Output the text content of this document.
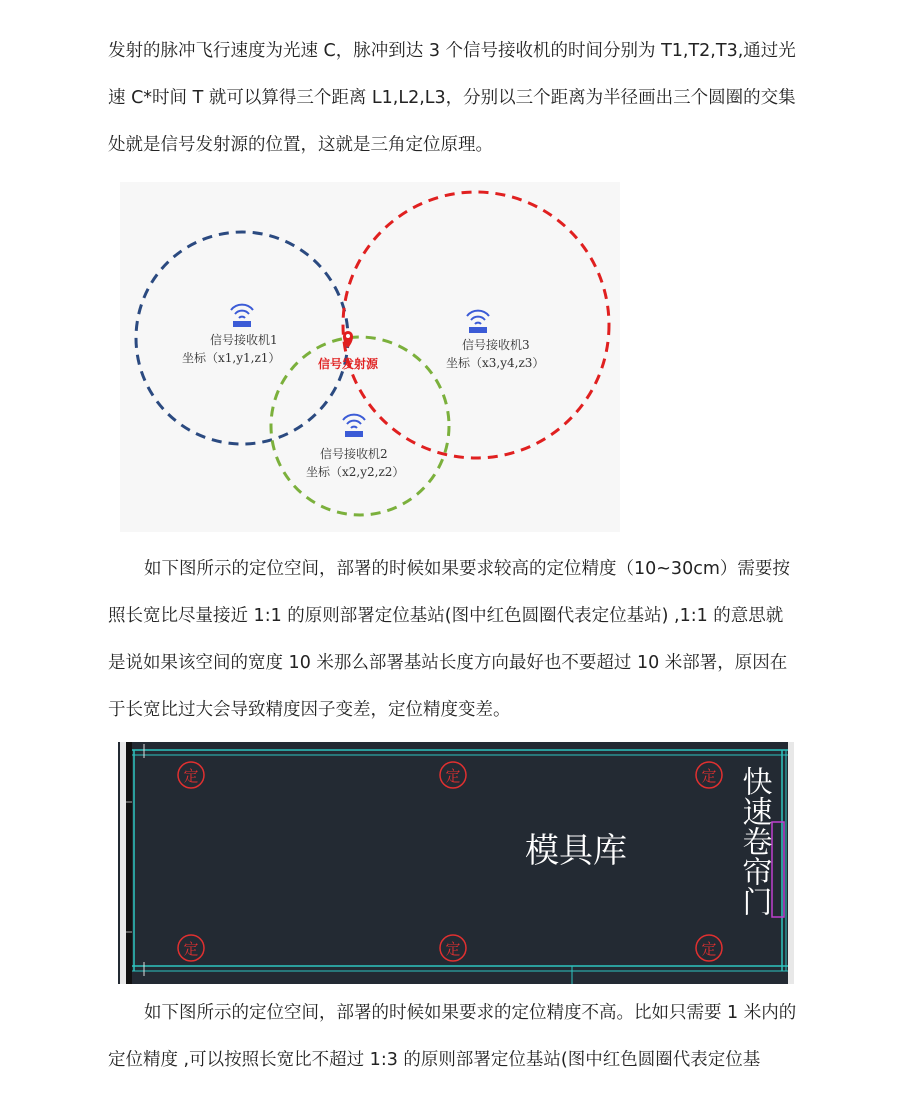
发射的脉冲飞行速度为光速 C，脉冲到达 3 个信号接收机的时间分别为 T1,T2,T3,通过光速 C*时间 T 就可以算得三个距离 L1,L2,L3，分别以三个距离为半径画出三个圆圈的交集处就是信号发射源的位置，这就是三角定位原理。

信号接收机1
坐标（x1,y1,z1）
信号接收机3
坐标（x3,y4,z3）
信号接收机2
坐标（x2,y2,z2）
信号发射源

如下图所示的定位空间，部署的时候如果要求较高的定位精度（10~30cm）需要按照长宽比尽量接近 1:1 的原则部署定位基站(图中红色圆圈代表定位基站) ,1:1 的意思就是说如果该空间的宽度 10 米那么部署基站长度方向最好也不要超过 10 米部署，原因在于长宽比过大会导致精度因子变差，定位精度变差。

模具库	快速卷帘门
定	定	定
定	定	定

如下图所示的定位空间，部署的时候如果要求的定位精度不高。比如只需要 1 米内的定位精度 ,可以按照长宽比不超过 1:3 的原则部署定位基站(图中红色圆圈代表定位基
